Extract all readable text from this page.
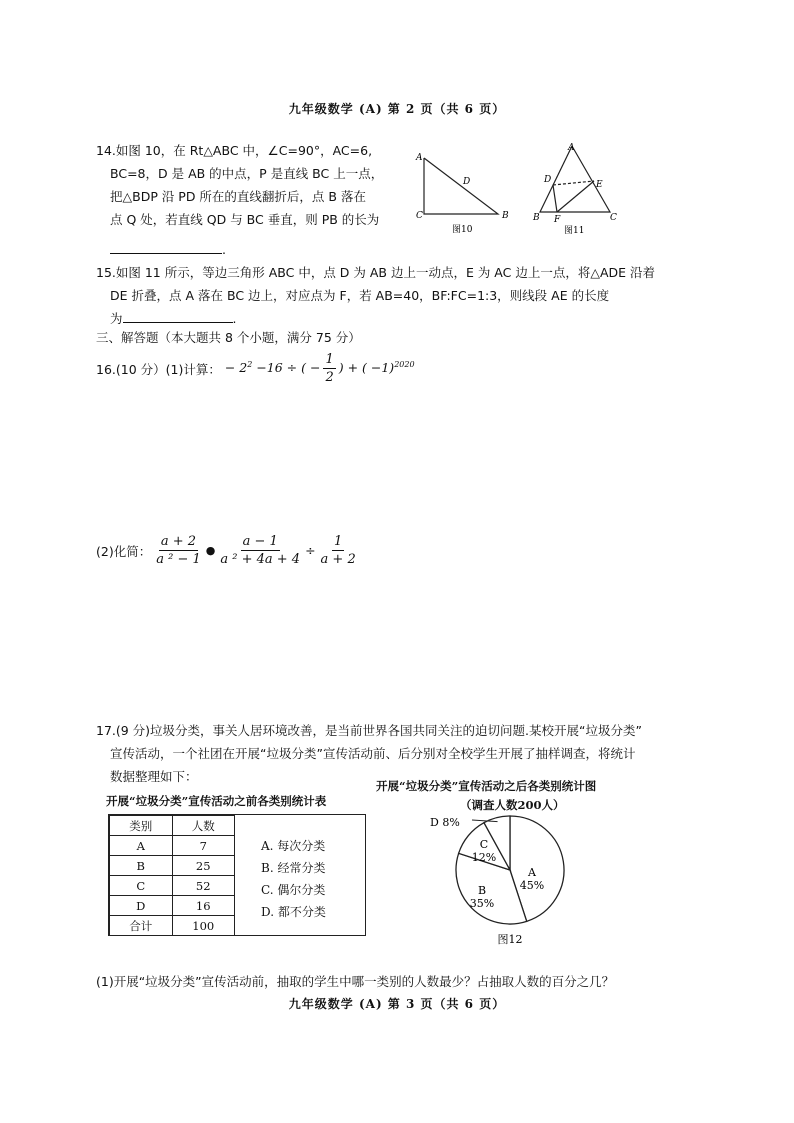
九年级数学 (A) 第 2 页（共 6 页）
14.如图 10，在 Rt△ABC 中，∠C=90°，AC=6,
BC=8，D 是 AB 的中点，P 是直线 BC 上一点，
把△BDP 沿 PD 所在的直线翻折后，点 B 落在
点 Q 处，若直线 QD 与 BC 垂直，则 PB 的长为
.
A
D
C	B
图10
A
D	E
B F	C
图11
15.如图 11 所示，等边三角形 ABC 中，点 D 为 AB 边上一动点，E 为 AC 边上一点，将△ADE 沿着
DE 折叠，点 A 落在 BC 边上，对应点为 F，若 AB=40，BF:FC=1:3，则线段 AE 的长度
为	.
三、解答题（本大题共 8 个小题，满分 75 分）
16.(10 分）(1)计算： − $2^2 -16$ ÷ ( − $\frac{1}{2}$ ) + ( −1)$^{2020}$
(2)化简： $\frac{a + 2}{\text{a ² − 1}}$ ● $\frac{a - 1}{\text{a ² + 4a + 4}} \div \frac{1}{a + 2}$
17.(9 分)垃圾分类，事关人居环境改善，是当前世界各国共同关注的迫切问题.某校开展“垃圾分类”
宣传活动，一个社团在开展“垃圾分类”宣传活动前、后分别对全校学生开展了抽样调查，将统计
数据整理如下：
开展“垃圾分类”宣传活动之前各类别统计表
类别	人数
A	7
B	25
C	52
D	16
合计	100
A. 每次分类
B. 经常分类
C. 偶尔分类
D. 都不分类
开展“垃圾分类”宣传活动之后各类别统计图
（调查人数200人）
A
45%
B
35%
C
12%
D 8%
图12
(1)开展“垃圾分类”宣传活动前，抽取的学生中哪一类别的人数最少？占抽取人数的百分之几？
九年级数学 (A) 第 3 页（共 6 页）
